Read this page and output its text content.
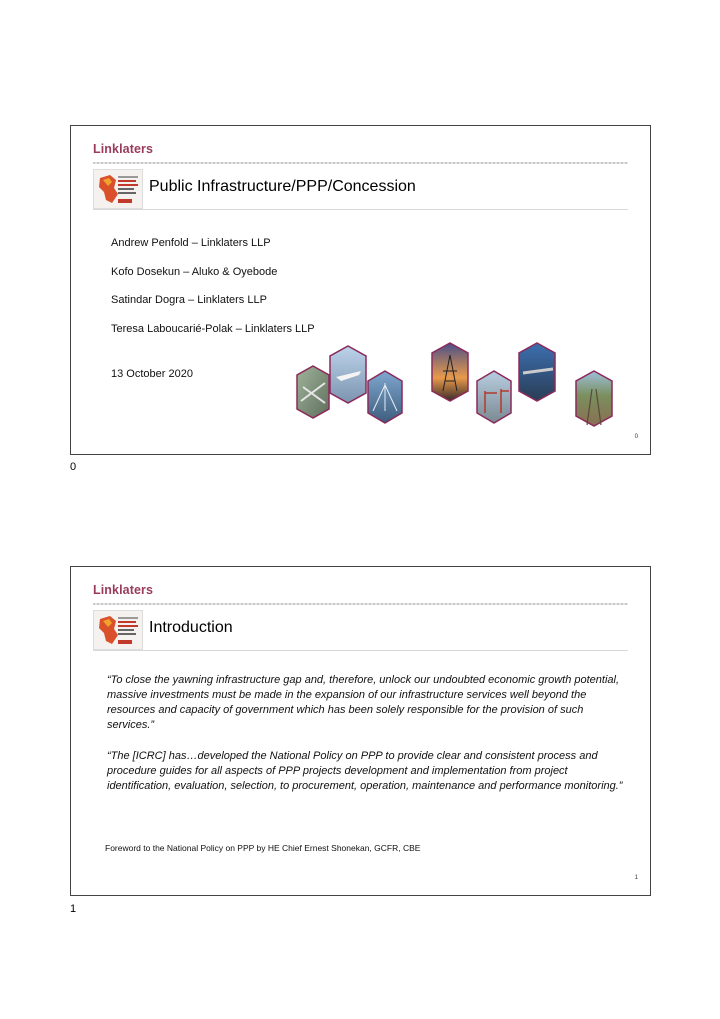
Linklaters
Public Infrastructure/PPP/Concession
Andrew Penfold – Linklaters LLP
Kofo Dosekun – Aluko & Oyebode
Satindar Dogra – Linklaters LLP
Teresa Laboucarié-Polak – Linklaters LLP
13 October 2020
0
0
Linklaters
Introduction

“To close the yawning infrastructure gap and, therefore, unlock our undoubted economic growth potential, massive investments must be made in the expansion of our infrastructure services well beyond the resources and capacity of government which has been solely responsible for the provision of such services.”

“The [ICRC] has…developed the National Policy on PPP to provide clear and consistent process and procedure guides for all aspects of PPP projects development and implementation from project identification, evaluation, selection, to procurement, operation, maintenance and performance monitoring.”

Foreword to the National Policy on PPP by HE Chief Ernest Shonekan, GCFR, CBE
1
1
